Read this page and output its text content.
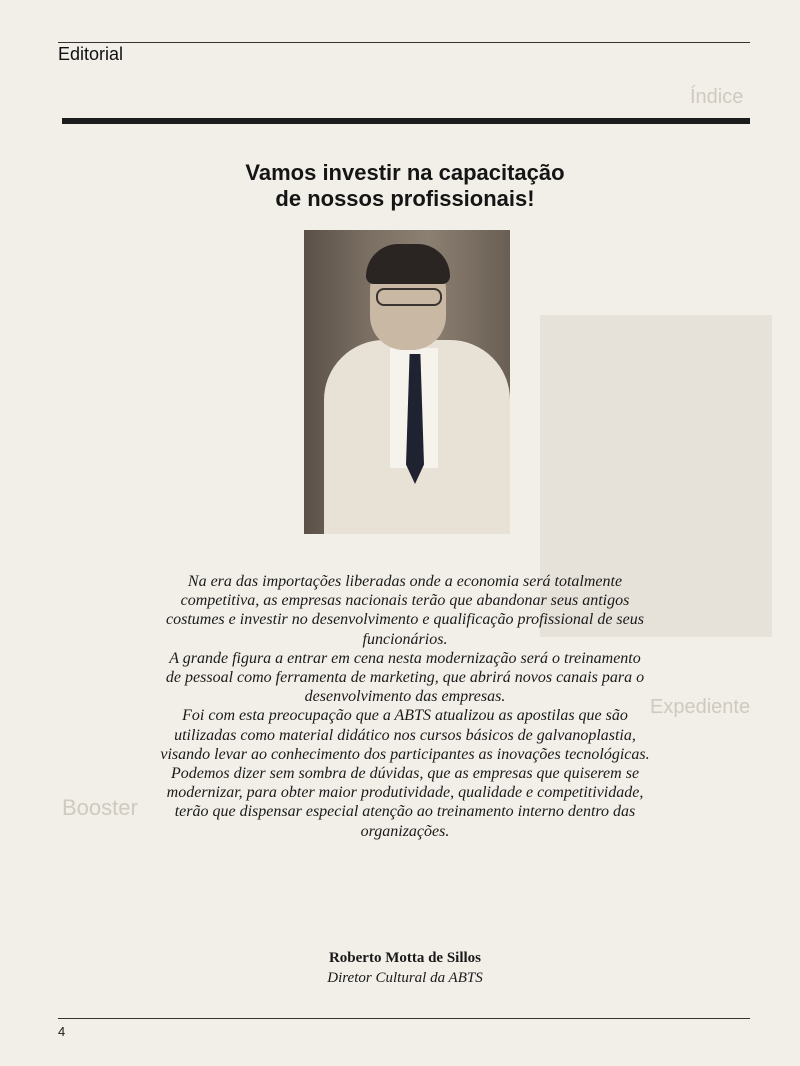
Índice
Expediente
Booster
Editorial
Vamos investir na capacitação
de nossos profissionais!

Na era das importações liberadas onde a economia será totalmente competitiva, as empresas nacionais terão que abandonar seus antigos costumes e investir no desenvolvimento e qualificação profissional de seus funcionários.

A grande figura a entrar em cena nesta modernização será o treinamento de pessoal como ferramenta de marketing, que abrirá novos canais para o desenvolvimento das empresas.

Foi com esta preocupação que a ABTS atualizou as apostilas que são utilizadas como material didático nos cursos básicos de galvanoplastia, visando levar ao conhecimento dos participantes as inovações tecnológicas.

Podemos dizer sem sombra de dúvidas, que as empresas que quiserem se modernizar, para obter maior produtividade, qualidade e competitividade, terão que dispensar especial atenção ao treinamento interno dentro das organizações.

Roberto Motta de Sillos
Diretor Cultural da ABTS
4
